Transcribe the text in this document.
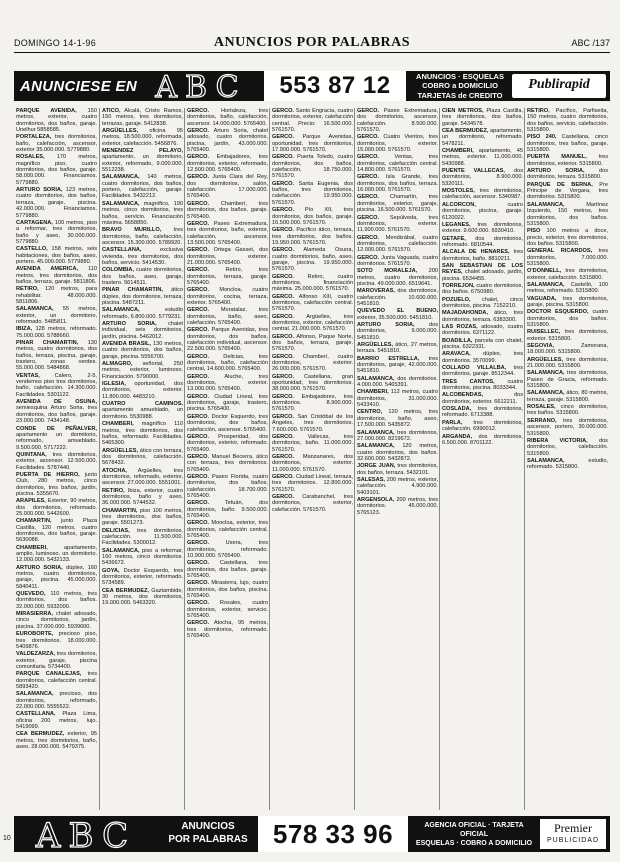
DOMINGO 14-1-96	ANUNCIOS POR PALABRAS	ABC /137
ANUNCIESE EN ABC	553 87 12	ANUNCIOS · ESQUELAS
COBRO a DOMICILIO
TARJETAS de CREDITO
Publirapid

PARQUE AVENIDA, 150 metros, exterior, cuatro dormitorios, dos baños, garaje. Unelhur 5858585.

PORTALEZA, tres dormitorios, baño, calefacción, ascensor, exterior 35.000.000. 5779880.

ROSALES, 170 metros, magnífico piso, cuatro dormitorios, dos baños, garaje. 58.000.000. Financiamos. 5779880.

ARTURO SORIA, 123 metros, cuatro dormitorios, dos baños, terraza, garaje, piscina. 42.000.000. Financiamos. 5779880.

CARTAGENA, 100 metros, piso a reformar, tres dormitorios, baño y aseo, 30.000.000. 5779880.

CASTELLO, 158 metros, seis habitaciones, dos baños, aseo, portero. 45.000.000. 5779880.

AVENIDA AMERICA, 110 metros, tres dormitorios, dos baños, terraza, garaje. 5811806.

RETIRO, 120 metros, para rehabilitar. 48.000.000. 5811806.

SALAMANCA, 55 metros, exterior, un dormitorio, reformado. 5485811.

IBIZA, 128 metros, reformado. 75.000.000. 5788660.

PINAR CHAMARTIN, 130 metros, cuatro dormitorios, dos baños, terraza, piscina, garaje, trastero, zonas verdes. 55.000.000. 5484868.

VENTAS,	Calero, 2-5, vendemos piso tres dormitorios, baño, calefacción. 14.300.000. Facilidades. 5301122.

AVENIDA DE OSUNA, semiesquina Arturo Soria, tres dormitorios, dos baños, garaje. 23.000.000. 7434148.

CONDE DE PEÑALVER, apartamento un dormitorio, reformado, amueblado. 9.500.000. 5717222.

QUINTANA, tres dormitorios, exterior, ascensor. 12.500.000. Facilidades. 5787440.

PUERTA DE HIERRO, junto Club, 280 metros, cinco dormitorios, tres baños, jardín, piscina. 5355670.

ARAPILES, Exterior, 90 metros, dos dormitorios, reformado. 25.000.000. 5442600.

CHAMARTIN, junto Plaza Castilla, 120 metros, cuatro dormitorios, dos baños, garaje. 5630088.

CHAMBERI,	apartamento, amplio, luminoso, un dormitorio. 12.000.000. 5432133.

ARTURO SORIA, dúplex, 160 metros, cuatro dormitorios, garaje, piscina. 45.000.000. 5840411.

QUEVEDO, 110 metros, tres dormitorios, dos baños. 32.000.000. 5932000.

MIRASIERRA, chalet adosado, cinco dormitorios, jardín, piscina. 37.000.000. 5939600.

EUROBORTE, precioso piso, tres dormitorios. 18.000.000. 5409876.

VALDEZARZA, tres dormitorios, exterior, garaje, piscina comunitaria. 5734400.

PARQUE CANALEJAS, tres dormitorios, calefacción central. 5893420.

SALAMANCA, precioso, dos dormitorios, reformado, 22.000.000. 5555522.

CASTELLANA, Plaza Lima, oficina 200 metros, lujo. 5419099.

CEA BERMUDEZ, exterior, 95 metros, tres dormitorios, baño, aseo. 28.000.000. 5479375.

ATICO, Alcalá, Cristo Ramos, 150 metros, tres dormitorios, terrazas, garaje. 5412838.

ARGÜELLES, oficina 95 metros, 18.500.000, reformada, exterior, calefacción. 5456876.

MENENDEZ PELAYO, apartamento, un dormitorio, exterior, reformado, 9.000.000. 5512238.

SALAMANCA, 140 metros, cuatro dormitorios, dos baños, portero, calefacción, garaje. Facilidades. 5432212.

SALAMANCA, magnífico, 190 metros, cinco dormitorios, tres baños, servicio. Financiación máxima. 5658850.

BRAVO MURILLO, tres dormitorios, baño, calefacción, ascensor. 15.300.000. 5789920.

CASTELLANA,	exclusiva vivienda, tres dormitorios, dos baños, servicio. 5414530.

COLOMBIA, cuatro dormitorios, dos baños, aseo, garaje, trastero. 5614511.

PINAR CHAMARTIN, ático dúplex, dos dormitorios, terraza, piscina. 5487211.

SALAMANCA,	estudio reformado, 6.800.000. 5779231.

ARTURO SORIA, chalet individual, seis dormitorios, jardín, piscina. 5462012.

AVENIDA BRASIL, 130 metros, cuatro dormitorios, dos baños, garaje, piscina. 5556700.

ALMAGRO, señorial, 250 metros, exterior, luminoso. Financiación. 5790000.

IGLESIA, oportunidad, dos dormitorios, exterior. 11.800.000. 4483210.

CUATRO CAMINOS, apartamento amueblado, un dormitorio. 5530988.

CHAMBERI, magnífico 110 metros, tres dormitorios, dos baños, reformado. Facilidades. 5465300.

ARGÜELLES, ático con terraza, dos dormitorios, calefacción. 5678432.

ATOCHA, Argüelles, tres dormitorios, reformado, exterior, ascensor. 27.000.000. 5551001.

RETIRO, Ibiza, exterior, cuatro dormitorios, baño y aseo. 36.000.000. 5744532.

CHAMARTIN, piso 100 metros, tres dormitorios, dos baños, garaje. 5501273.

DELICIAS, tres dormitorios, calefacción. 11.500.000. Facilidades. 5300012.

SALAMANCA, piso a reformar, 160 metros, cinco dormitorios. 5436672.

GOYA, Doctor Esquerdo, tres dormitorios, exterior, reformado. 5734589.

CEA BERMUDEZ, Gaztambide, 30 metros, dos dormitorios, 19.000.000. 5463320.

GERCO. Hortaleza, tres dormitorios, baño, calefacción, ascensor. 14.000.000. 5765400.

GERCO. Arturo Soria, chalet adosado, cuatro dormitorios, piscina, jardín, 43.000.000. 5765400.

GERCO. Embajadores, tres dormitorios, exterior, reformado, 12.500.000. 5765400.

GERCO. Junta Clara del Rey, dos dormitorios, salón, calefacción. 17.000.000. 5765400.

GERCO. Chamberí, tres dormitorios, dos baños, garaje. 5765400.

GERCO. Paseo Extremadura, tres dormitorios, baño, exterior, calefacción, ascensor, 13.500.000. 5765400.

GERCO. Ortega Gasset, dos dormitorios, exterior. 21.000.000. 5765400.

GERCO.	Retiro, tres dormitorios, terraza, garaje. 5765400.

GERCO. Moncloa, cuatro dormitorios, cocina, terraza, exterior. 5765400.

GERCO. Moratalaz, tres dormitorios, baño, aseo, calefacción. 5765400.

GERCO. Parque Avenidas, tres dormitorios, dos baños, calefacción individual, ascensor. 22.500.000. 5765400.

GERCO.	Delicias, tres dormitorios, baño, calefacción central, 14.600.000. 5765400.

GERCO.	Aluche, tres dormitorios, exterior. 13.000.000. 5765400.

GERCO. Ciudad Lineal, tres dormitorios, garaje, trastero, piscina. 5765400.

GERCO. Doctor Esquerdo, tres dormitorios, dos baños, calefacción, ascensor. 5765400.

GERCO. Prosperidad, dos dormitorios, exterior, reformado. 5765400.

GERCO. Manuel Becerra, ático con terraza, tres dormitorios. 5765400.

GERCO. Paseo Florida, cuatro dormitorios, dos baños, calefacción. 18.700.000. 5765400.

GERCO.	Tetuán, dos dormitorios, baño. 9.500.000. 5765400.

GERCO. Moncloa, exterior, tres dormitorios, calefacción central. 5765400.

GERCO.	Usera, tres dormitorios, reformado. 10.900.000. 5765400.

GERCO. Castellana, tres dormitorios, dos baños, garaje. 5765400.

GERCO. Mirasierra, lujo, cuatro dormitorios, dos baños, piscina. 5765400.

GERCO. Rosales, cuatro dormitorios, exterior, servicio. 5765400.

GERCO. Atocha, 95 metros, tres dormitorios, reformado. 5765400.

GERCO. Santo Engracia, cuatro dormitorios, exterior, calefacción central. Precio: 16.500.000. 5761570.

GERCO. Parque Avenidas, oportunidad, tres dormitorios, 17.900.000. 5761570.

GERCO. Puerta Toledo, cuatro dormitorios, dos baños, calefacción, 18.750.000. 5761570.

GERCO. Santa Eugenia, dos baños, tres dormitorios, calefacción. 19.950.000. 5761570.

GERCO. Pío XII, tres dormitorios, dos baños, garaje. 16.500.000. 5761570.

GERCO. Pacífico ático, terraza, tres dormitorios, dos baños. 19.950.000. 5761570.

GERCO. Alameda Osuna, cuatro dormitorios, baño, aseo, garaje, piscina. 19.950.000. 5761570.

GERCO. Retiro, cuatro dormitorios, financiación máxima. 25.000.000. 5761570.

GERCO. Alfonso XIII, cuatro dormitorios, calefacción central. 5761570.

GERCO. Argüelles, tres dormitorios, exterior, calefacción central. 21.000.000. 5761570.

GERCO. Alfonso, Paque Norte, dos baños, terraza, garaje. 5761570.

GERCO. Chamberí, cuatro dormitorios, exterior. 26.000.000. 5761570.

GERCO. Castellana, gran oportunidad, tres dormitorios. 38.000.000. 5761570.

GERCO. Embajadores, tres dormitorios. 8.900.000. 5761570.

GERCO. San Cristóbal de los Ángeles, tres dormitorios. 7.600.000. 5761570.

GERCO. Vallecas, tres dormitorios, baño. 11.000.000. 5761570.

GERCO. Manzanares, dos dormitorios, exterior. 11.000.000. 5761570.

GERCO. Ciudad Lineal, terraza, tres dormitorios. 12.800.000. 5761570.

GERCO. Carabanchel, tres dormitorios, exterior, calefacción. 5761570.

GERCO. Paseo Extremadura, dos dormitorios, ascensor, calefacción. 8.500.000. 5761570.

GERCO. Cuatro Vientos, tres dormitorios, exterior. 15.000.000. 5761570.

GERCO.	Ventas, tres dormitorios, calefacción central. 14.800.000. 5761570.

GERCO. Isla Grande, tres dormitorios, dos baños, terraza. 16.000.000. 5761570.

GERCO. Chamartín, tres dormitorios, exterior, garaje, piscina. 16.500.000. 5761570.

GERCO. Sepúlveda, tres dormitorios, exterior. 11.900.000. 5761570.

GERCO. Mendizábal, cuatro dormitorios, calefacción. 12.000.000. 5761570.

GERCO. Junta Vaguada, cuatro dormitorios. 5761570.

SOTO MORALEJA, 200 metros, cuatro dormitorios, piscina. 49.000.000. 6519641.

MAROVERAS, dos dormitorios, calefacción. 10.600.000. 5451810.

QUEVEDO EL BUENO, exterior, 35.500.000. 5451810.

ARTURO SORIA,	dos dormitorios, 9.000.000. 5451810.

ARGÜELLES, ático, 27 metros, terraza. 5451810.

BARRIO ESTRELLA, tres dormitorios, garaje, 42.000.000. 5451810.

SALAMANCA, dos dormitorios. 4.000.000. 5465391.

CHAMBERI, 112 metros, cuatro dormitorios, 31.000.000. 5433410.

CENTRO, 120 metros, tres dormitorios, baño, aseo, 17.500.000. 5435872.

SALAMANCA, tres dormitorios, 27.000.000. 8219672.

SALAMANCA, 120 metros, cuatro dormitorios, dos baños. 32.600.000. 5432872.

JORGE JUAN, tres dormitorios, dos baños, terraza. 5432101.

SALESAS, 200 metros, exterior, calefacción. 4.900.000. 5403101.

ARGENSOLA, 200 metros, tres dormitorios. 45.000.000. 5765123.

CIEN METROS, Plaza Castilla, tres dormitorios, dos baños, garaje. 5434578.

CEA BERMUDEZ, apartamento, un dormitorio, reformado. 5478211.

CHAMBERI, apartamento, 45 metros, exterior. 11.000.000. 5430988.

PUENTE VALLECAS, dos dormitorios, 8.900.000. 5320111.

MOSTOLES, tres dormitorios, calefacción, ascensor. 5340987.

ALCORCON,	cuatro dormitorios, piscina, garaje. 6120022.

LEGANES, tres dormitorios, exterior. 9.600.000. 6930410.

GETAFE, dos dormitorios, reformado. 6810544.

ALCALA DE HENARES, tres dormitorios, baño. 8810211.

SAN SEBASTIAN DE LOS REYES, chalet adosado, jardín, piscina. 6534455.

TORREJON, cuatro dormitorios, dos baños. 6750980.

POZUELO, chalet, cinco dormitorios, piscina. 7152210.

MAJADAHONDA, ático, tres dormitorios, terraza. 6383300.

LAS ROZAS, adosado, cuatro dormitorios. 6371122.

BOADILLA, parcela con chalet, piscina. 6322331.

ARAVACA, dúplex, tres dormitorios. 3570099.

COLLADO VILLALBA, tres dormitorios, garaje. 8512344.

TRES CANTOS, cuatro dormitorios, piscina. 8033344.

ALCOBENDAS,	dos dormitorios, exterior. 6612211.

COSLADA, tres dormitorios, reformado. 6713388.

PARLA, tres dormitorios, calefacción. 6990012.

ARGANDA, dos dormitorios, 6.500.000. 8701122.

RETIRO, Pacífico, Parfiseita, 150 metros, cuatro dormitorios, dos baños, servicio, calefacción. 5315800.

PISO 240, Castellana, cinco dormitorios, tres baños, garaje. 5315800.

PUERTA MANUEL, tres dormitorios, exterior. 5315800.

ARTURO SORIA,	dos dormitorios, terraza. 5315800.

PARQUE DE BERNA, Pre Principe de Vergara, tres dormitorios. 5315800.

SALAMANCA,	Martínez Izquierdo, 150 metros, tres dormitorios, dos baños. 5315800.

PISO 100 metros a doce, precio, exterior, tres dormitorios, dos baños. 5315800.

GENERAL RICARDOS, tres dormitorios, 7.000.000. 5315800.

O'DONNELL, tres dormitorios, exterior, calefacción. 5315800.

SALAMANCA, Castelló, 100 metros, reformado. 5315800.

VAGUADA, tres dormitorios, garaje, piscina. 5315800.

DOCTOR ESQUERDO, cuatro dormitorios, dos baños. 5315800.

RUISELLEC, tres dormitorios, exterior. 5315800.

SEGOVIA,	Zamorana, 18.000.000. 5315800.

ARGÜELLES, tres dormitorios, 21.000.000. 5315800.

SALAMANCA, tres dormitorios, Paseo de Gracia, reformado. 5315800.

SALAMANCA, ático, 80 metros, terraza, garaje. 5315800.

ROSALES, cinco dormitorios, tres baños. 5315800.

SERRANO, tres dormitorios, ascensor, portero, 30.000.000. 5315800.

RIBERA VICTORIA, dos dormitorios, calefacción. 5315800.

SALAMANCA,	estudio, reformado. 5315800.

ABC	ANUNCIOS
POR PALABRAS 578 33 96	AGENCIA OFICIAL · TARJETA OFICIAL
ESQUELAS · COBRO A DOMICILIO
Premier
PUBLICIDAD
10
